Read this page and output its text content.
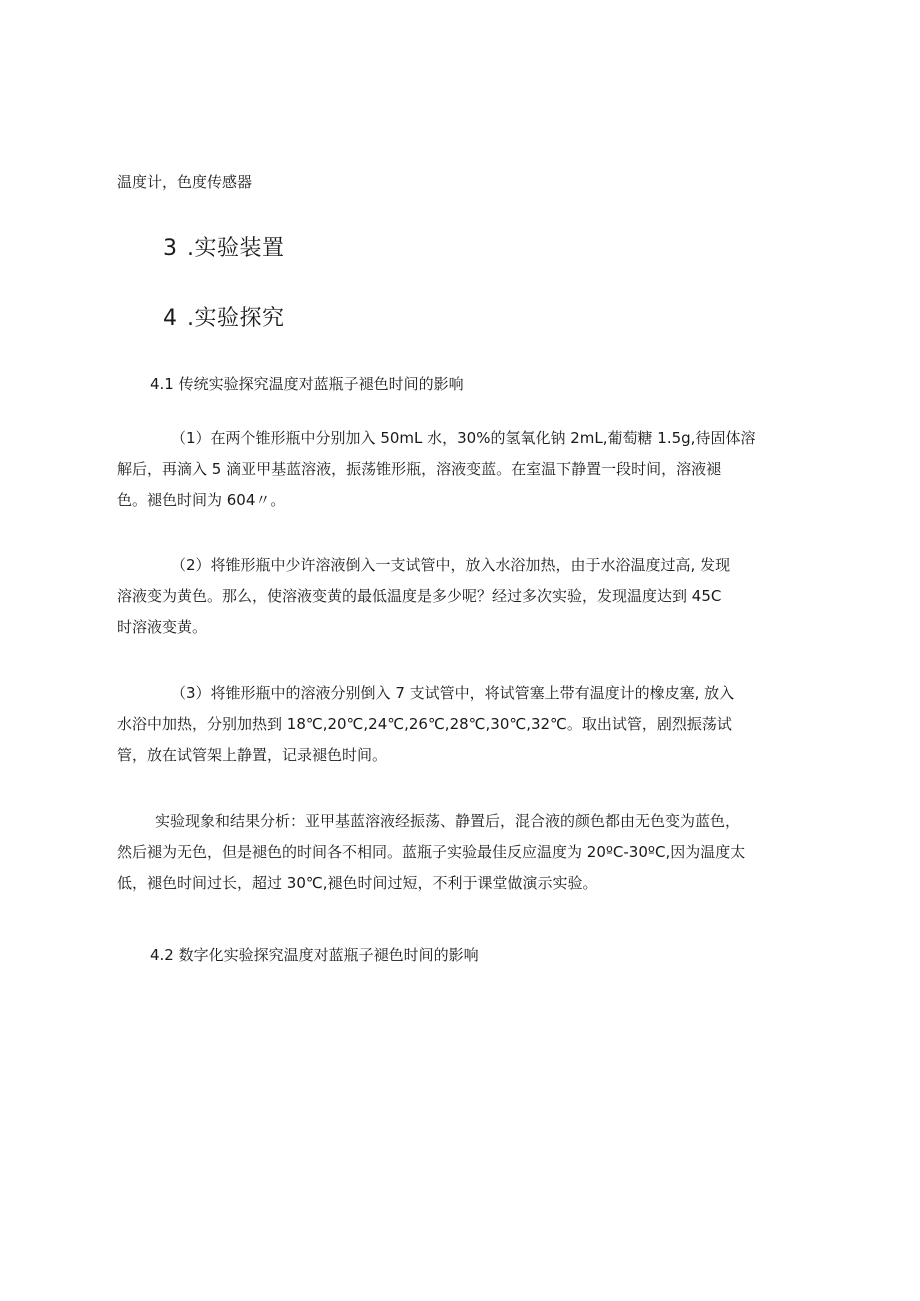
温度计，色度传感器
3 .实验装置
4 .实验探究
4.1 传统实验探究温度对蓝瓶子褪色时间的影响
（1）在两个锥形瓶中分别加入 50mL 水，30%的氢氧化钠 2mL,葡萄糖 1.5g,待固体溶
解后，再滴入 5 滴亚甲基蓝溶液，振荡锥形瓶，溶液变蓝。在室温下静置一段时间，溶液褪
色。褪色时间为 604〃。
（2）将锥形瓶中少许溶液倒入一支试管中，放入水浴加热，由于水浴温度过高, 发现
溶液变为黄色。那么，使溶液变黄的最低温度是多少呢？经过多次实验，发现温度达到 45C
时溶液变黄。
（3）将锥形瓶中的溶液分别倒入 7 支试管中，将试管塞上带有温度计的橡皮塞, 放入
水浴中加热，分别加热到 18℃,20℃,24℃,26℃,28℃,30℃,32℃。取出试管，剧烈振荡试
管，放在试管架上静置，记录褪色时间。
实验现象和结果分析：亚甲基蓝溶液经振荡、静置后，混合液的颜色都由无色变为蓝色，
然后褪为无色，但是褪色的时间各不相同。蓝瓶子实验最佳反应温度为 20ºC-30ºC,因为温度太
低，褪色时间过长，超过 30℃,褪色时间过短，不利于课堂做演示实验。
4.2 数字化实验探究温度对蓝瓶子褪色时间的影响
